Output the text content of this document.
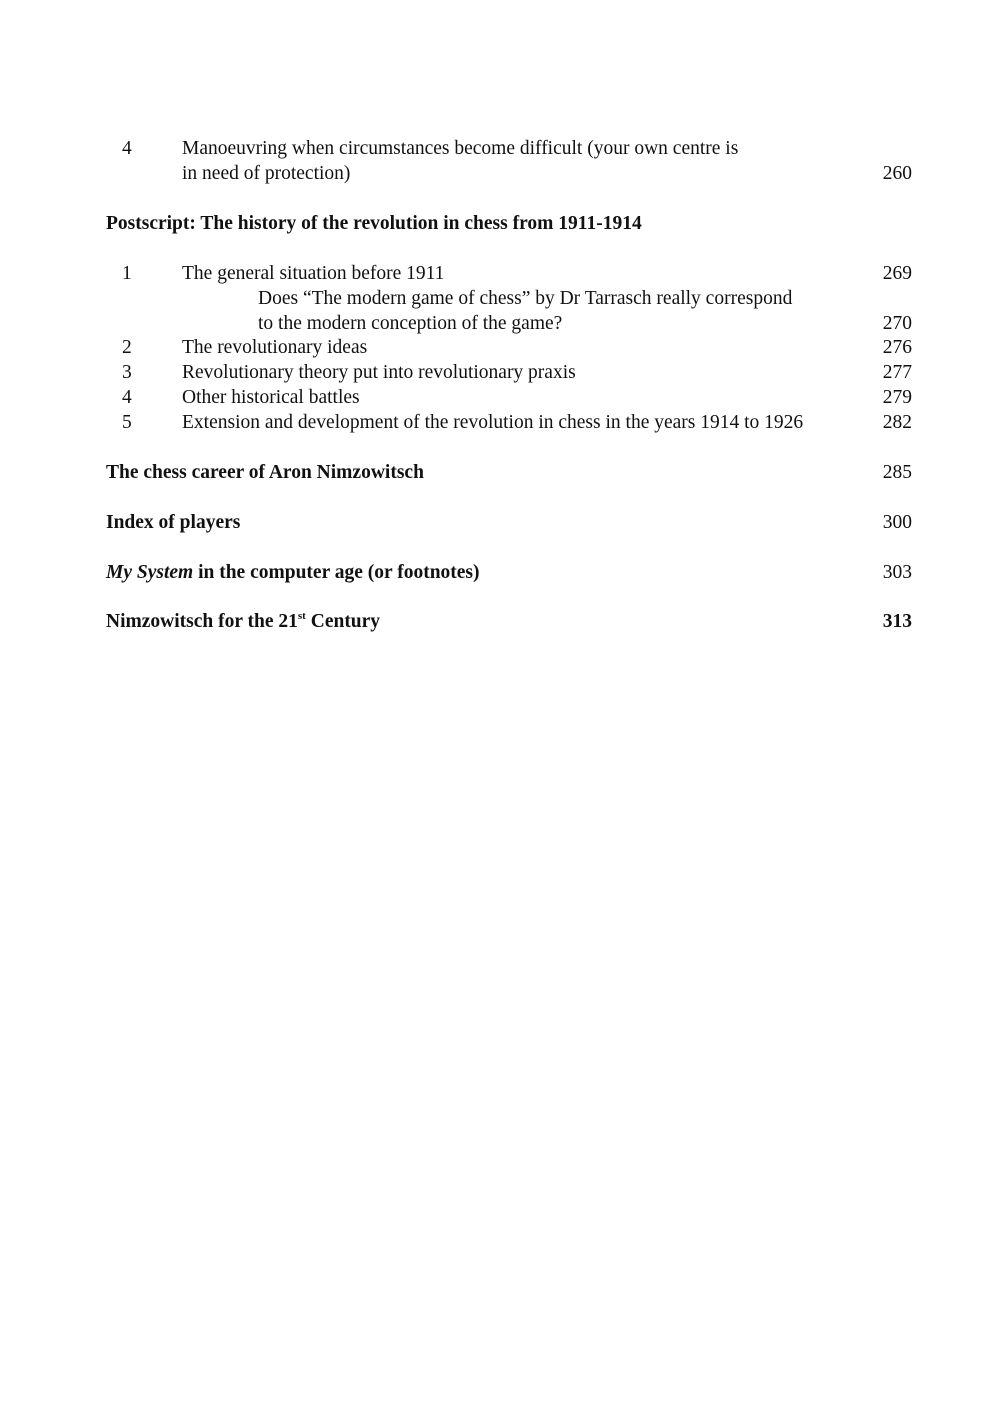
4	Manoeuvring when circumstances become difficult (your own centre is
in need of protection)	260
Postscript: The history of the revolution in chess from 1911-1914
1	The general situation before 1911	269
Does “The modern game of chess” by Dr Tarrasch really correspond
to the modern conception of the game?	270
2	The revolutionary ideas	276
3	Revolutionary theory put into revolutionary praxis	277
4	Other historical battles	279
5	Extension and development of the revolution in chess in the years 1914 to 1926	282
The chess career of Aron Nimzowitsch	285
Index of players	300
My System in the computer age (or footnotes)	303
Nimzowitsch for the 21st Century	313
